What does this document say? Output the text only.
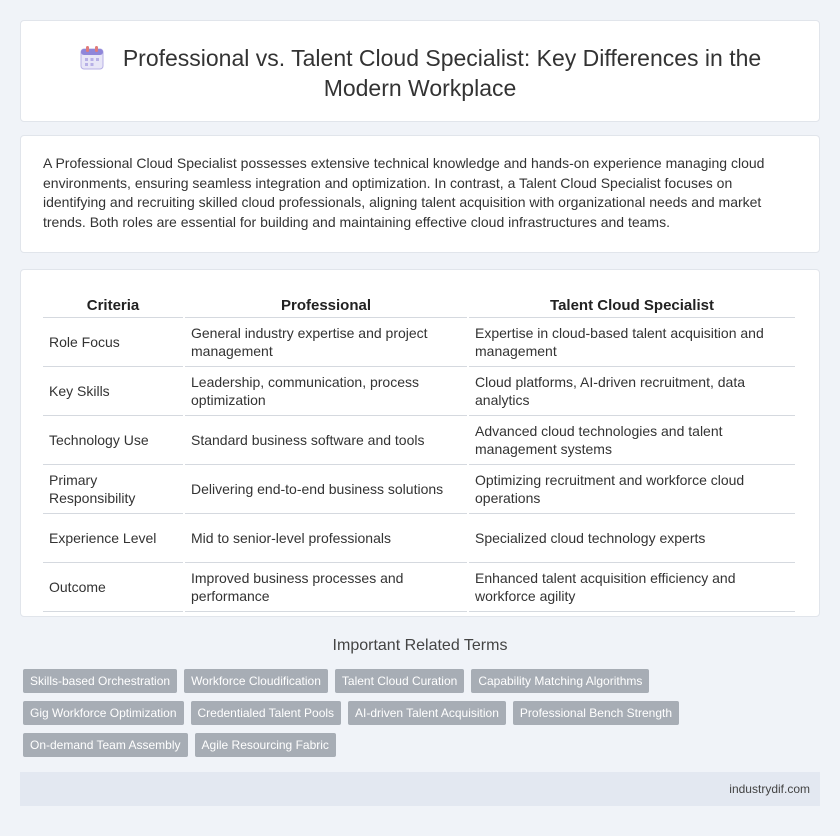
Professional vs. Talent Cloud Specialist: Key Differences in the Modern Workplace

A Professional Cloud Specialist possesses extensive technical knowledge and hands-on experience managing cloud environments, ensuring seamless integration and optimization. In contrast, a Talent Cloud Specialist focuses on identifying and recruiting skilled cloud professionals, aligning talent acquisition with organizational needs and market trends. Both roles are essential for building and maintaining effective cloud infrastructures and teams.

Criteria	Professional	Talent Cloud Specialist
Role Focus	General industry expertise and project management	Expertise in cloud-based talent acquisition and management
Key Skills	Leadership, communication, process optimization	Cloud platforms, AI-driven recruitment, data analytics
Technology Use	Standard business software and tools	Advanced cloud technologies and talent management systems
Primary Responsibility	Delivering end-to-end business solutions	Optimizing recruitment and workforce cloud operations
Experience Level	Mid to senior-level professionals	Specialized cloud technology experts
Outcome	Improved business processes and performance	Enhanced talent acquisition efficiency and workforce agility
Important Related Terms
Skills-based Orchestration	Workforce Cloudification	Talent Cloud Curation	Capability Matching Algorithms
Gig Workforce Optimization	Credentialed Talent Pools	AI-driven Talent Acquisition	Professional Bench Strength
On-demand Team Assembly	Agile Resourcing Fabric
industrydif.com
